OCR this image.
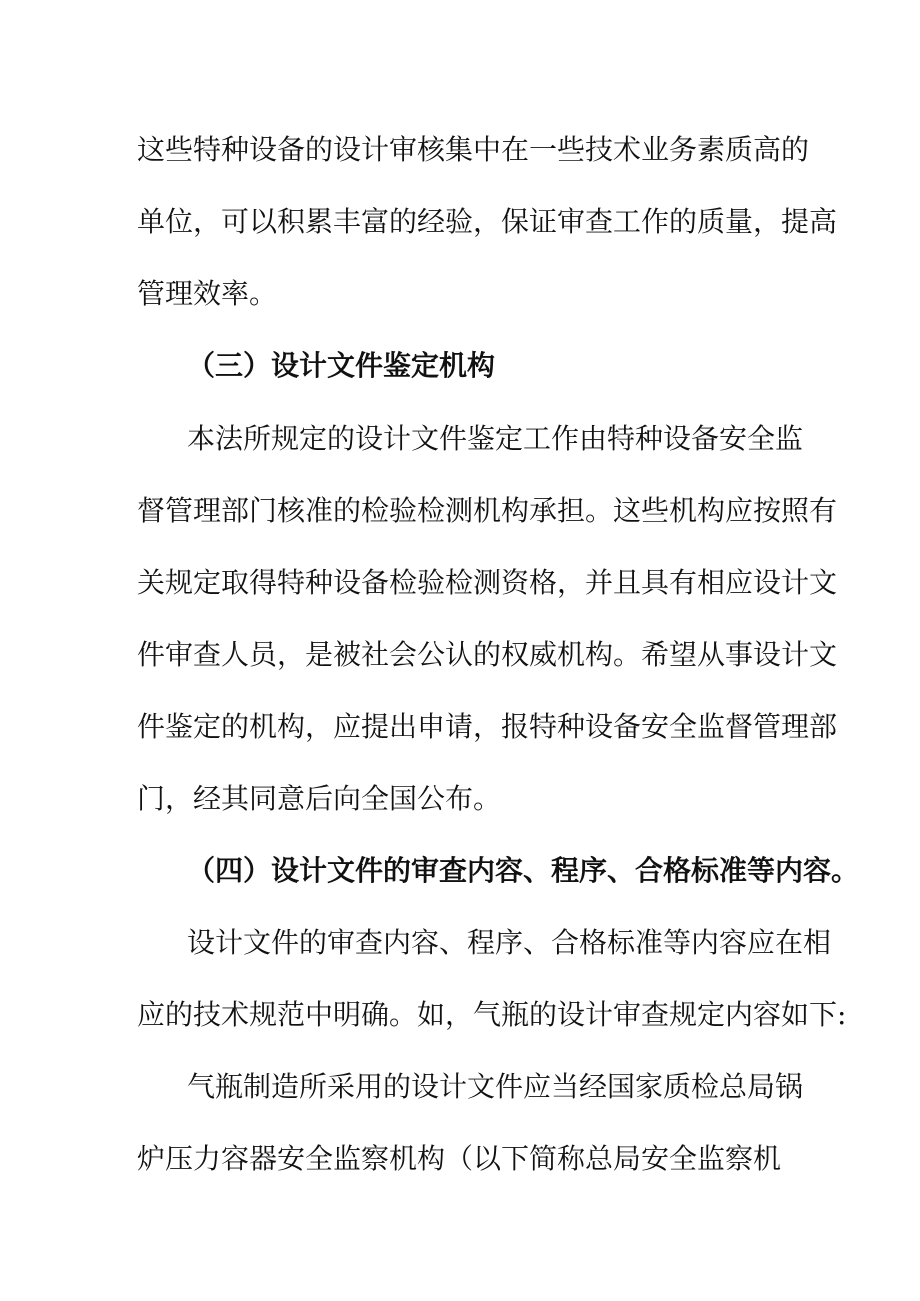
这些特种设备的设计审核集中在一些技术业务素质高的
单位，可以积累丰富的经验，保证审查工作的质量，提高
管理效率。
（三）设计文件鉴定机构
本法所规定的设计文件鉴定工作由特种设备安全监
督管理部门核准的检验检测机构承担。这些机构应按照有
关规定取得特种设备检验检测资格，并且具有相应设计文
件审查人员，是被社会公认的权威机构。希望从事设计文
件鉴定的机构，应提出申请，报特种设备安全监督管理部
门，经其同意后向全国公布。
（四）设计文件的审查内容、程序、合格标准等内容。
设计文件的审查内容、程序、合格标准等内容应在相
应的技术规范中明确。如，气瓶的设计审查规定内容如下:
气瓶制造所采用的设计文件应当经国家质检总局锅
炉压力容器安全监察机构（以下简称总局安全监察机
